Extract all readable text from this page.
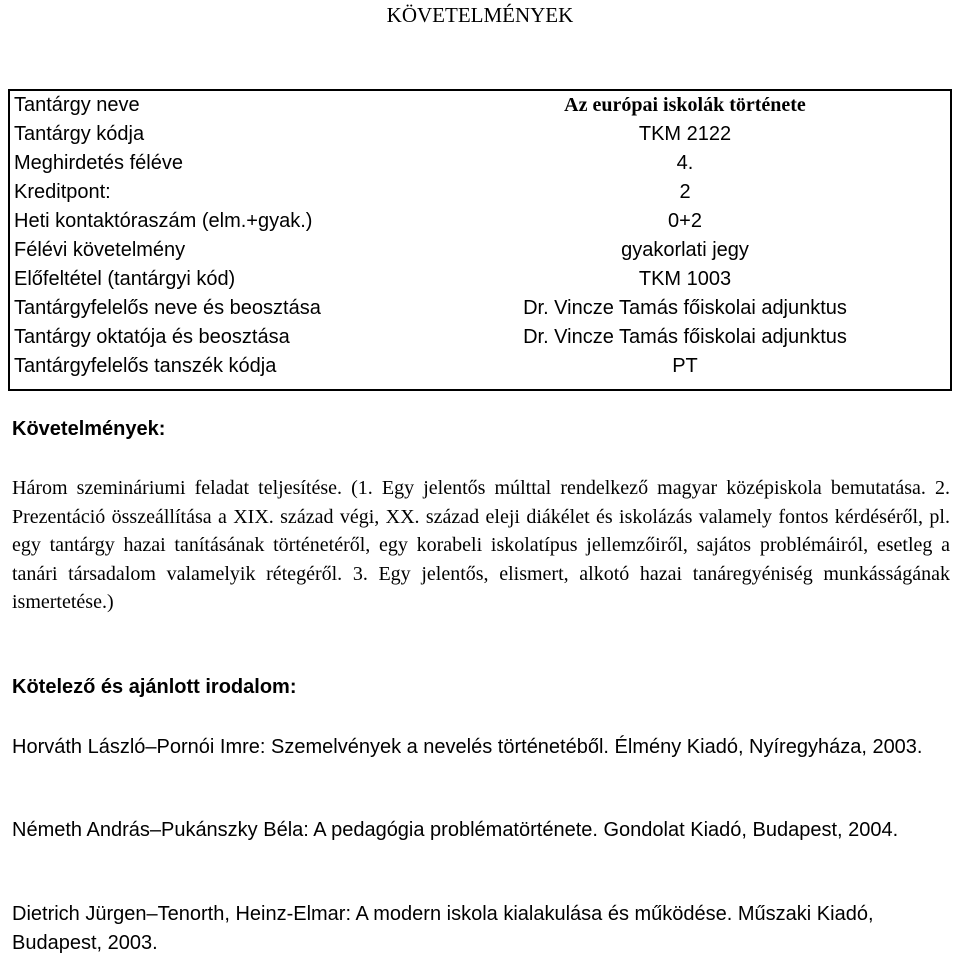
KÖVETELMÉNYEK
Tantárgy neve	Az európai iskolák története
Tantárgy kódja	TKM 2122
Meghirdetés féléve	4.
Kreditpont:	2
Heti kontaktóraszám (elm.+gyak.)	0+2
Félévi követelmény	gyakorlati jegy
Előfeltétel (tantárgyi kód)	TKM 1003
Tantárgyfelelős neve és beosztása	Dr. Vincze Tamás főiskolai adjunktus
Tantárgy oktatója és beosztása	Dr. Vincze Tamás főiskolai adjunktus
Tantárgyfelelős tanszék kódja	PT
Követelmények:
Három szemináriumi feladat teljesítése. (1. Egy jelentős múlttal rendelkező magyar középiskola bemutatása. 2. Prezentáció összeállítása a XIX. század végi, XX. század eleji diákélet és iskolázás valamely fontos kérdéséről, pl. egy tantárgy hazai tanításának történetéről, egy korabeli iskolatípus jellemzőiről, sajátos problémáiról, esetleg a tanári társadalom valamelyik rétegéről. 3. Egy jelentős, elismert, alkotó hazai tanáregyéniség munkásságának ismertetése.)
Kötelező és ajánlott irodalom:
Horváth László–Pornói Imre: Szemelvények a nevelés történetéből. Élmény Kiadó, Nyíregyháza, 2003.
Németh András–Pukánszky Béla: A pedagógia problématörténete. Gondolat Kiadó, Budapest, 2004.
Dietrich Jürgen–Tenorth, Heinz-Elmar: A modern iskola kialakulása és működése. Műszaki Kiadó, Budapest, 2003.
